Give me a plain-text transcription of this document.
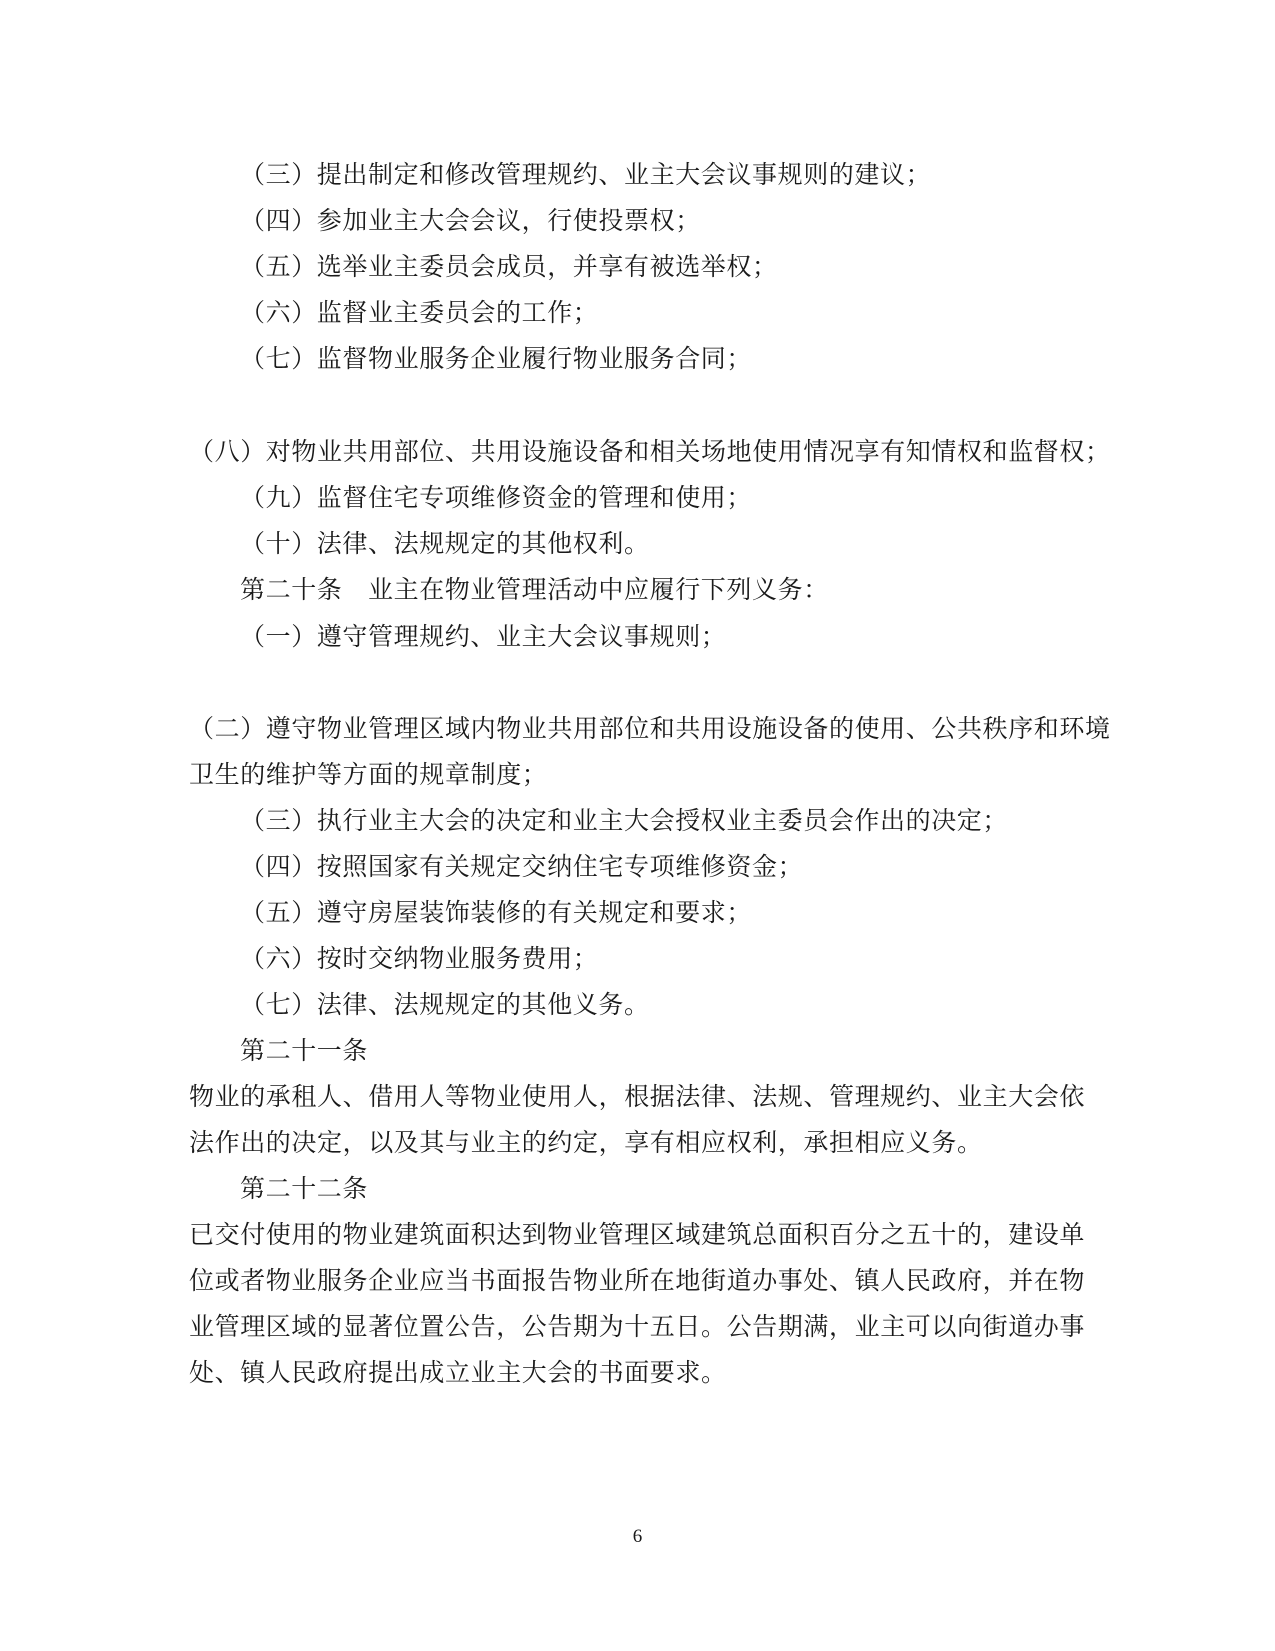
（三）提出制定和修改管理规约、业主大会议事规则的建议；
（四）参加业主大会会议，行使投票权；
（五）选举业主委员会成员，并享有被选举权；
（六）监督业主委员会的工作；
（七）监督物业服务企业履行物业服务合同；
（八）对物业共用部位、共用设施设备和相关场地使用情况享有知情权和监督权；
（九）监督住宅专项维修资金的管理和使用；
（十）法律、法规规定的其他权利。
第二十条　业主在物业管理活动中应履行下列义务：
（一）遵守管理规约、业主大会议事规则；
（二）遵守物业管理区域内物业共用部位和共用设施设备的使用、公共秩序和环境
卫生的维护等方面的规章制度；
（三）执行业主大会的决定和业主大会授权业主委员会作出的决定；
（四）按照国家有关规定交纳住宅专项维修资金；
（五）遵守房屋装饰装修的有关规定和要求；
（六）按时交纳物业服务费用；
（七）法律、法规规定的其他义务。
第二十一条
物业的承租人、借用人等物业使用人，根据法律、法规、管理规约、业主大会依
法作出的决定，以及其与业主的约定，享有相应权利，承担相应义务。
第二十二条
已交付使用的物业建筑面积达到物业管理区域建筑总面积百分之五十的，建设单
位或者物业服务企业应当书面报告物业所在地街道办事处、镇人民政府，并在物
业管理区域的显著位置公告，公告期为十五日。公告期满，业主可以向街道办事
处、镇人民政府提出成立业主大会的书面要求。
6
